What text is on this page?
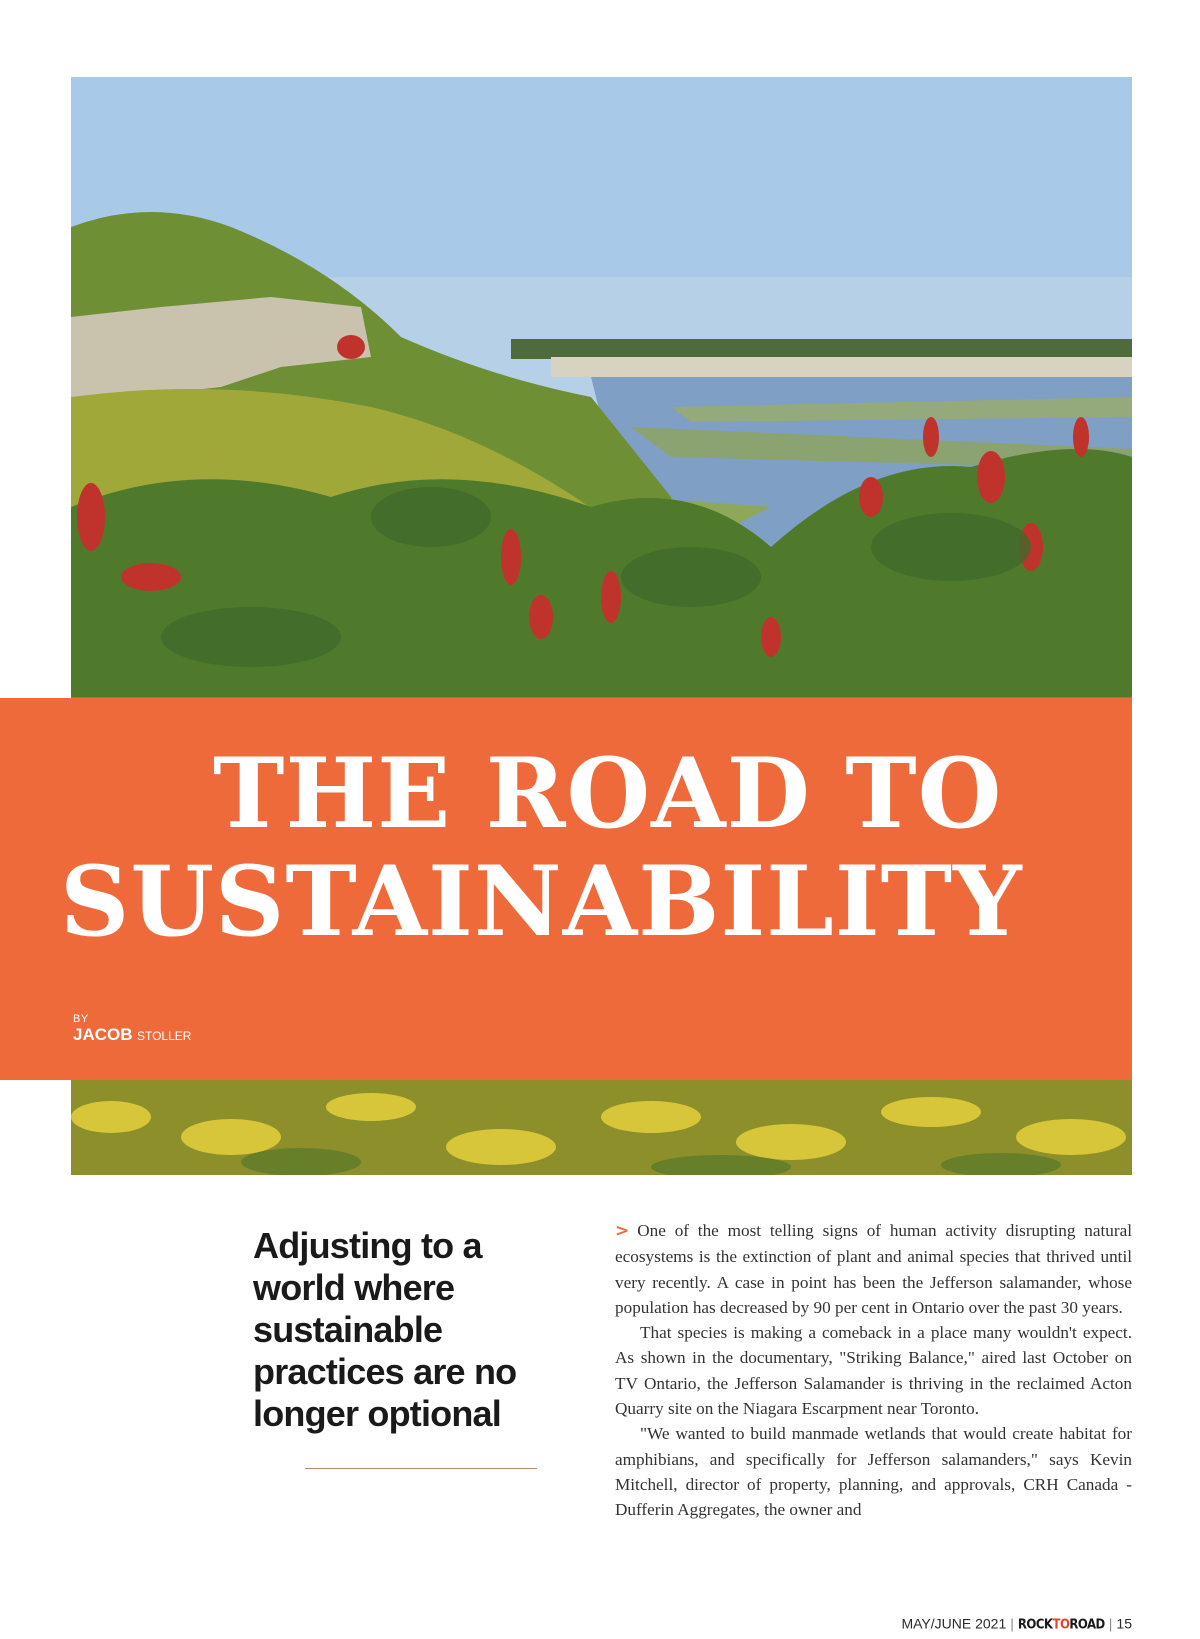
THE ROAD TO
SUSTAINABILITY
BY
JACOB STOLLER
Adjusting to a world where sustainable practices are no longer optional

> One of the most telling signs of human activity disrupting natural ecosystems is the extinction of plant and animal species that thrived until very recently. A case in point has been the Jefferson salamander, whose population has decreased by 90 per cent in Ontario over the past 30 years.

That species is making a comeback in a place many wouldn't expect. As shown in the documentary, "Striking Balance," aired last October on TV Ontario, the Jefferson Salamander is thriving in the reclaimed Acton Quarry site on the Niagara Escarpment near Toronto.

"We wanted to build manmade wetlands that would create habitat for amphibians, and specifically for Jefferson salamanders," says Kevin Mitchell, director of property, planning, and approvals, CRH Canada - Dufferin Aggregates, the owner and

MAY/JUNE 2021 | ROCKTOROAD | 15
